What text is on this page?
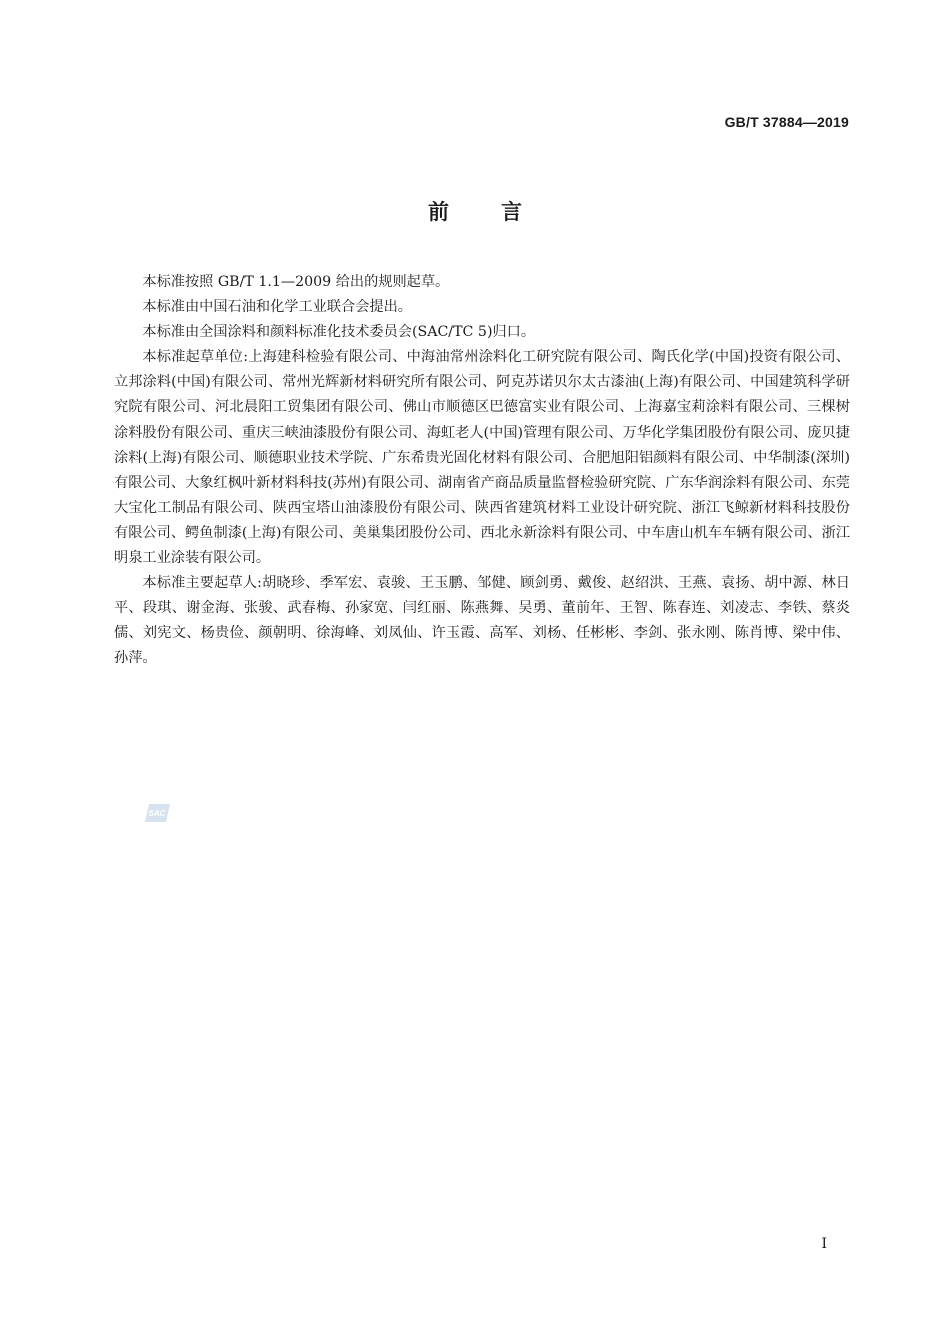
GB/T 37884—2019

前 言

本标准按照 GB/T 1.1—2009 给出的规则起草。

本标准由中国石油和化学工业联合会提出。

本标准由全国涂料和颜料标准化技术委员会(SAC/TC 5)归口。

本标准起草单位:上海建科检验有限公司、中海油常州涂料化工研究院有限公司、陶氏化学(中国)投资有限公司、立邦涂料(中国)有限公司、常州光辉新材料研究所有限公司、阿克苏诺贝尔太古漆油(上海)有限公司、中国建筑科学研究院有限公司、河北晨阳工贸集团有限公司、佛山市顺德区巴德富实业有限公司、上海嘉宝莉涂料有限公司、三棵树涂料股份有限公司、重庆三峡油漆股份有限公司、海虹老人(中国)管理有限公司、万华化学集团股份有限公司、庞贝捷涂料(上海)有限公司、顺德职业技术学院、广东希贵光固化材料有限公司、合肥旭阳铝颜料有限公司、中华制漆(深圳)有限公司、大象红枫叶新材料科技(苏州)有限公司、湖南省产商品质量监督检验研究院、广东华润涂料有限公司、东莞大宝化工制品有限公司、陕西宝塔山油漆股份有限公司、陕西省建筑材料工业设计研究院、浙江飞鲸新材料科技股份有限公司、鳄鱼制漆(上海)有限公司、美巢集团股份公司、西北永新涂料有限公司、中车唐山机车车辆有限公司、浙江明泉工业涂装有限公司。

本标准主要起草人:胡晓珍、季军宏、袁骏、王玉鹏、邹健、顾剑勇、戴俊、赵绍洪、王燕、袁扬、胡中源、林日平、段琪、谢金海、张骏、武春梅、孙家宽、闫红丽、陈燕舞、吴勇、董前年、王智、陈春连、刘凌志、李铁、蔡炎儒、刘宪文、杨贵俭、颜朝明、徐海峰、刘凤仙、许玉霞、高军、刘杨、任彬彬、李剑、张永刚、陈肖博、梁中伟、孙萍。

SAC

I
